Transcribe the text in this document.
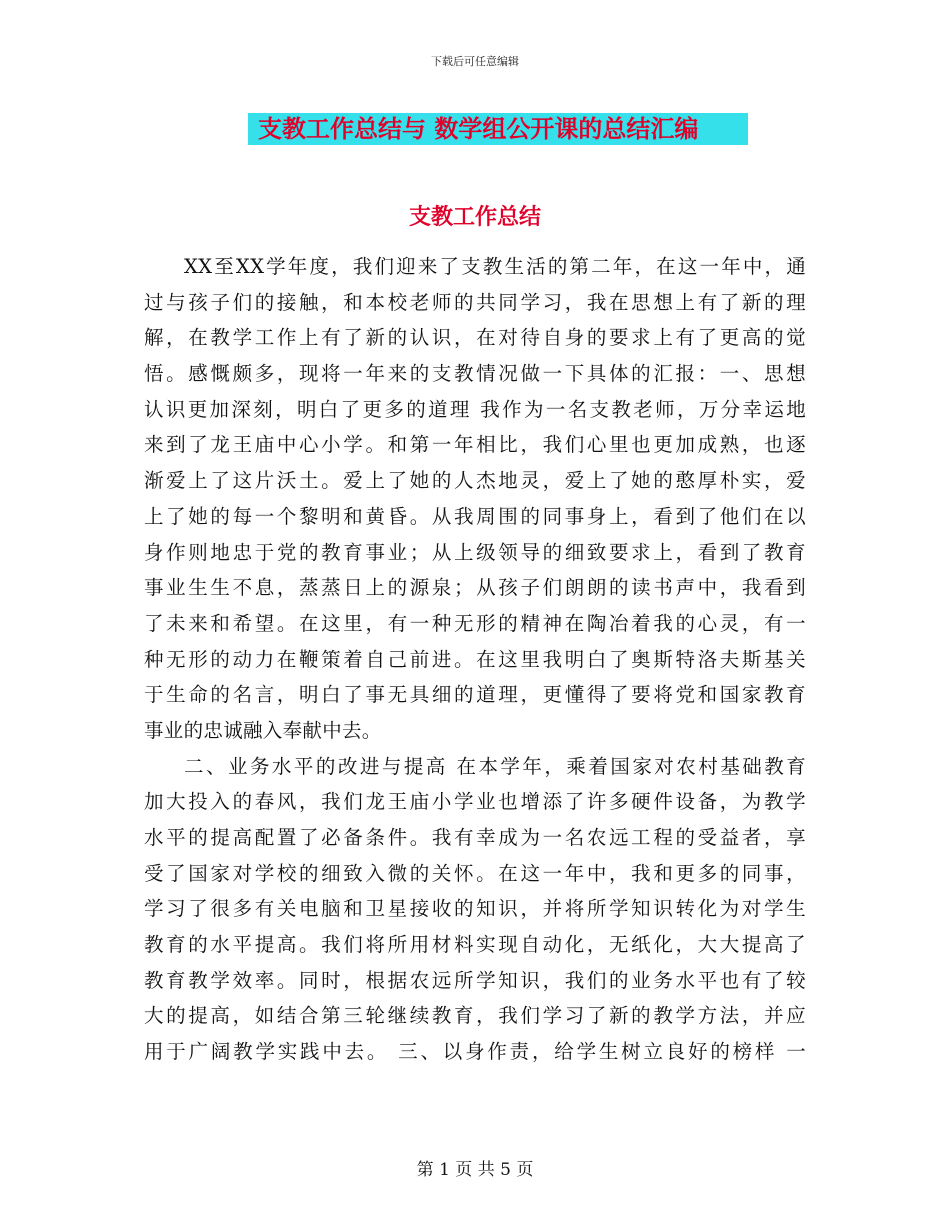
下载后可任意编辑
支教工作总结与 数学组公开课的总结汇编
支教工作总结
XX至XX学年度，我们迎来了支教生活的第二年，在这一年中，通
过与孩子们的接触，和本校老师的共同学习，我在思想上有了新的理
解，在教学工作上有了新的认识，在对待自身的要求上有了更高的觉
悟。感慨颇多，现将一年来的支教情况做一下具体的汇报：一、思想
认识更加深刻，明白了更多的道理 我作为一名支教老师，万分幸运地
来到了龙王庙中心小学。和第一年相比，我们心里也更加成熟，也逐
渐爱上了这片沃土。爱上了她的人杰地灵，爱上了她的憨厚朴实，爱
上了她的每一个黎明和黄昏。从我周围的同事身上，看到了他们在以
身作则地忠于党的教育事业；从上级领导的细致要求上，看到了教育
事业生生不息，蒸蒸日上的源泉；从孩子们朗朗的读书声中，我看到
了未来和希望。在这里，有一种无形的精神在陶冶着我的心灵，有一
种无形的动力在鞭策着自己前进。在这里我明白了奥斯特洛夫斯基关
于生命的名言，明白了事无具细的道理，更懂得了要将党和国家教育
事业的忠诚融入奉献中去。
二、业务水平的改进与提高 在本学年，乘着国家对农村基础教育
加大投入的春风，我们龙王庙小学业也增添了许多硬件设备，为教学
水平的提高配置了必备条件。我有幸成为一名农远工程的受益者，享
受了国家对学校的细致入微的关怀。在这一年中，我和更多的同事，
学习了很多有关电脑和卫星接收的知识，并将所学知识转化为对学生
教育的水平提高。我们将所用材料实现自动化，无纸化，大大提高了
教育教学效率。同时，根据农远所学知识，我们的业务水平也有了较
大的提高，如结合第三轮继续教育，我们学习了新的教学方法，并应
用于广阔教学实践中去。 三、以身作责，给学生树立良好的榜样 一
第 1 页 共 5 页
